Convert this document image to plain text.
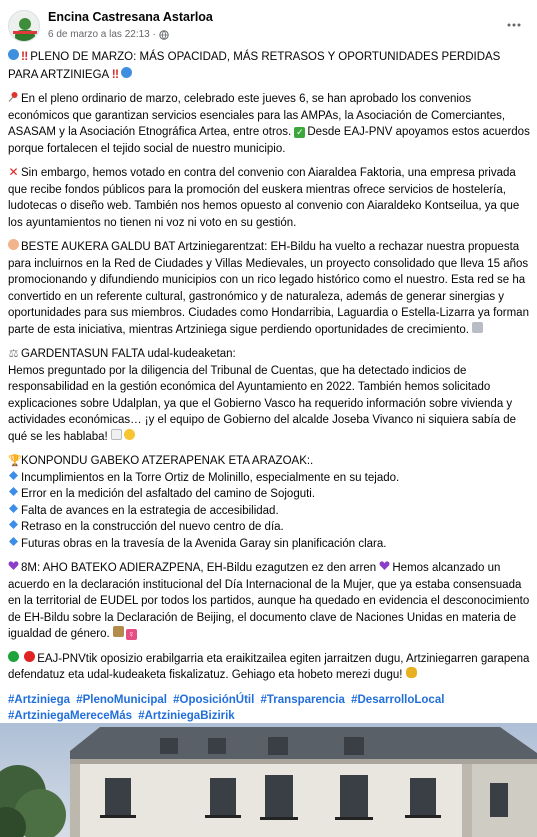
Encina Castresana Astarloa
6 de marzo a las 22:13 ·

‼ PLENO DE MARZO: MÁS OPACIDAD, MÁS RETRASOS Y OPORTUNIDADES PERDIDAS PARA ARTZINIEGA ‼

En el pleno ordinario de marzo, celebrado este jueves 6, se han aprobado los convenios económicos que garantizan servicios esenciales para las AMPAs, la Asociación de Comerciantes, ASASAM y la Asociación Etnográfica Artea, entre otros. ✓ Desde EAJ-PNV apoyamos estos acuerdos porque fortalecen el tejido social de nuestro municipio.

✕ Sin embargo, hemos votado en contra del convenio con Aiaraldea Faktoria, una empresa privada que recibe fondos públicos para la promoción del euskera mientras ofrece servicios de hostelería, ludotecas o diseño web. También nos hemos opuesto al convenio con Aiaraldeko Kontseilua, ya que los ayuntamientos no tienen ni voz ni voto en su gestión.

BESTE AUKERA GALDU BAT Artziniegarentzat: EH-Bildu ha vuelto a rechazar nuestra propuesta para incluirnos en la Red de Ciudades y Villas Medievales, un proyecto consolidado que lleva 15 años promocionando y difundiendo municipios con un rico legado histórico como el nuestro. Esta red se ha convertido en un referente cultural, gastronómico y de naturaleza, además de generar sinergias y oportunidades para sus miembros. Ciudades como Hondarribia, Laguardia o Estella-Lizarra ya forman parte de esta iniciativa, mientras Artziniega sigue perdiendo oportunidades de crecimiento.

⚖ GARDENTASUN FALTA udal-kudeaketan:
Hemos preguntado por la diligencia del Tribunal de Cuentas, que ha detectado indicios de responsabilidad en la gestión económica del Ayuntamiento en 2022. También hemos solicitado explicaciones sobre Udalplan, ya que el Gobierno Vasco ha requerido información sobre vivienda y actividades económicas… ¡y el equipo de Gobierno del alcalde Joseba Vivanco ni siquiera sabía de qué se les hablaba!

🏆KONPONDU GABEKO ATZERAPENAK ETA ARAZOAK:.
Incumplimientos en la Torre Ortiz de Molinillo, especialmente en su tejado.
Error en la medición del asfaltado del camino de Sojoguti.
Falta de avances en la estrategia de accesibilidad.
Retraso en la construcción del nuevo centro de día.
Futuras obras en la travesía de la Avenida Garay sin planificación clara.

8M: AHO BATEKO ADIERAZPENA, EH-Bildu ezagutzen ez den arren Hemos alcanzado un acuerdo en la declaración institucional del Día Internacional de la Mujer, que ya estaba consensuada en la territorial de EUDEL por todos los partidos, aunque ha quedado en evidencia el desconocimiento de EH-Bildu sobre la Declaración de Beijing, el documento clave de Naciones Unidas en materia de igualdad de género. ♀

EAJ-PNVtik oposizio erabilgarria eta eraikitzailea egiten jarraitzen dugu, Artziniegarren garapena defendatuz eta udal-kudeaketa fiskalizatuz. Gehiago eta hobeto merezi dugu!

#Artziniega #PlenoMunicipal #OposiciónÚtil #Transparencia #DesarrolloLocal #ArtziniegaMereceMás #ArtziniegaBizirik
